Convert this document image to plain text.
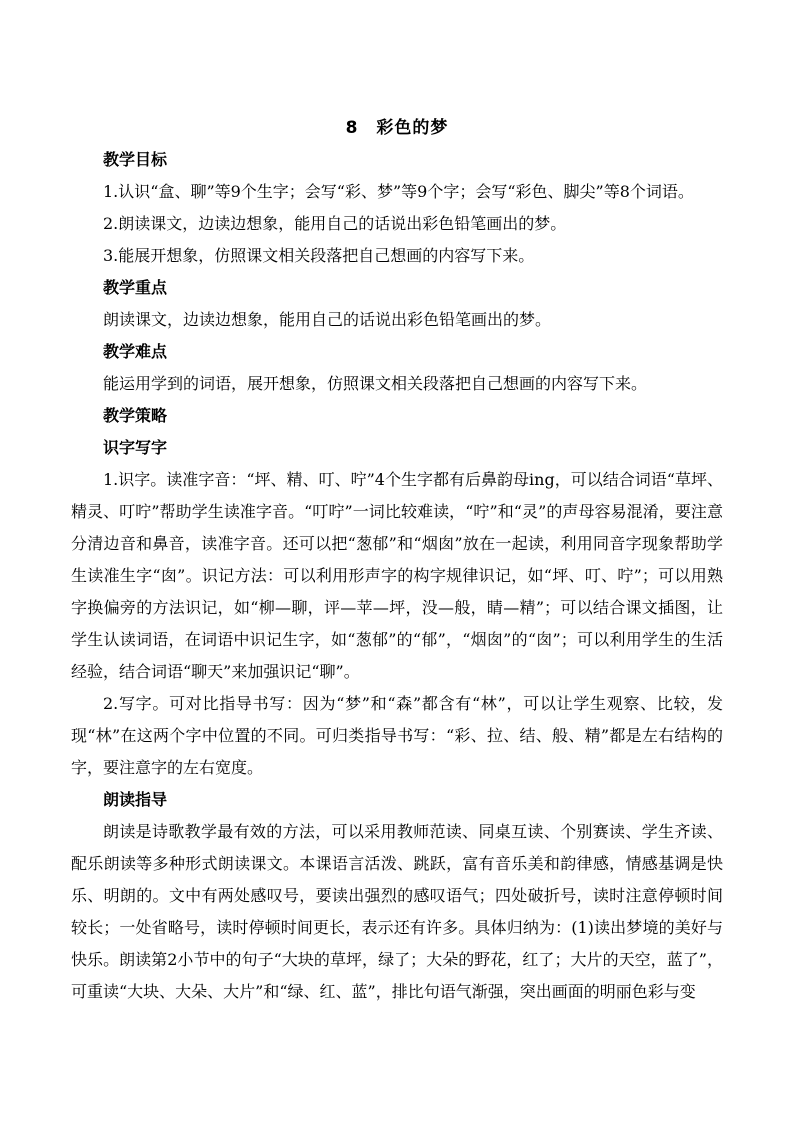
8　彩色的梦
教学目标

1.认识“盒、聊”等9个生字；会写“彩、梦”等9个字；会写“彩色、脚尖”等8个词语。

2.朗读课文，边读边想象，能用自己的话说出彩色铅笔画出的梦。

3.能展开想象，仿照课文相关段落把自己想画的内容写下来。

教学重点

朗读课文，边读边想象，能用自己的话说出彩色铅笔画出的梦。

教学难点

能运用学到的词语，展开想象，仿照课文相关段落把自己想画的内容写下来。

教学策略
识字写字

1.识字。读准字音：“坪、精、叮、咛”4个生字都有后鼻韵母ing，可以结合词语“草坪、精灵、叮咛”帮助学生读准字音。“叮咛”一词比较难读，“咛”和“灵”的声母容易混淆，要注意分清边音和鼻音，读准字音。还可以把“葱郁”和“烟囱”放在一起读，利用同音字现象帮助学生读准生字“囱”。识记方法：可以利用形声字的构字规律识记，如“坪、叮、咛”；可以用熟字换偏旁的方法识记，如“柳—聊，评—苹—坪，没—般，睛—精”；可以结合课文插图，让学生认读词语，在词语中识记生字，如“葱郁”的“郁”，“烟囱”的“囱”；可以利用学生的生活经验，结合词语“聊天”来加强识记“聊”。

2.写字。可对比指导书写：因为“梦”和“森”都含有“林”，可以让学生观察、比较，发现“林”在这两个字中位置的不同。可归类指导书写：“彩、拉、结、般、精”都是左右结构的字，要注意字的左右宽度。

朗读指导

朗读是诗歌教学最有效的方法，可以采用教师范读、同桌互读、个别赛读、学生齐读、配乐朗读等多种形式朗读课文。本课语言活泼、跳跃，富有音乐美和韵律感，情感基调是快乐、明朗的。文中有两处感叹号，要读出强烈的感叹语气；四处破折号，读时注意停顿时间较长；一处省略号，读时停顿时间更长，表示还有许多。具体归纳为：(1)读出梦境的美好与快乐。朗读第2小节中的句子“大块的草坪，绿了；大朵的野花，红了；大片的天空，蓝了”，可重读“大块、大朵、大片”和“绿、红、蓝”，排比句语气渐强，突出画面的明丽色彩与变
